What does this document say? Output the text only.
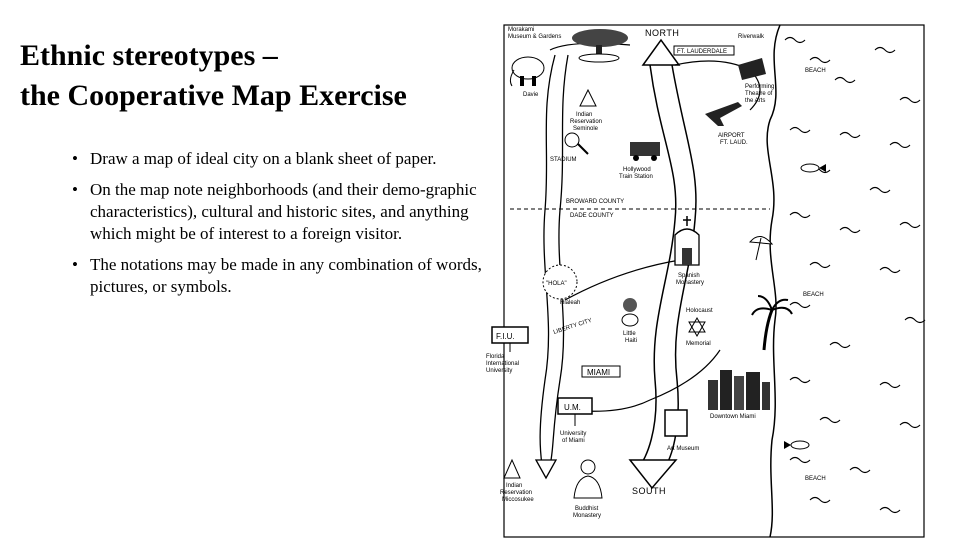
Ethnic stereotypes –
the Cooperative Map Exercise
• Draw a map of ideal city on a blank sheet of paper.
• On the map note neighborhoods (and their demo-graphic characteristics), cultural and historic sites, and anything which might be of interest to a foreign visitor.
• The notations may be made in any combination of words, pictures, or symbols.
NORTH
SOUTH
Morakami Museum & Gardens
Davie
Indian Reservation Seminole
Riverwalk
FT. LAUDERDALE
Performing Theatre of the Arts
BEACH
AIRPORT FT. LAUD.
STADIUM
Hollywood Train Station
BROWARD COUNTY
DADE COUNTY
Spanish Monastery
BEACH
"HOLA"
Hialeah
LIBERTY CITY	Little Haiti
Holocaust
Memorial
F.I.U.
Florida International University	MIAMI
U.M.
University of Miami
Downtown Miami
Art Museum
BEACH
Indian Reservation Miccosukee
Buddhist Monastery
